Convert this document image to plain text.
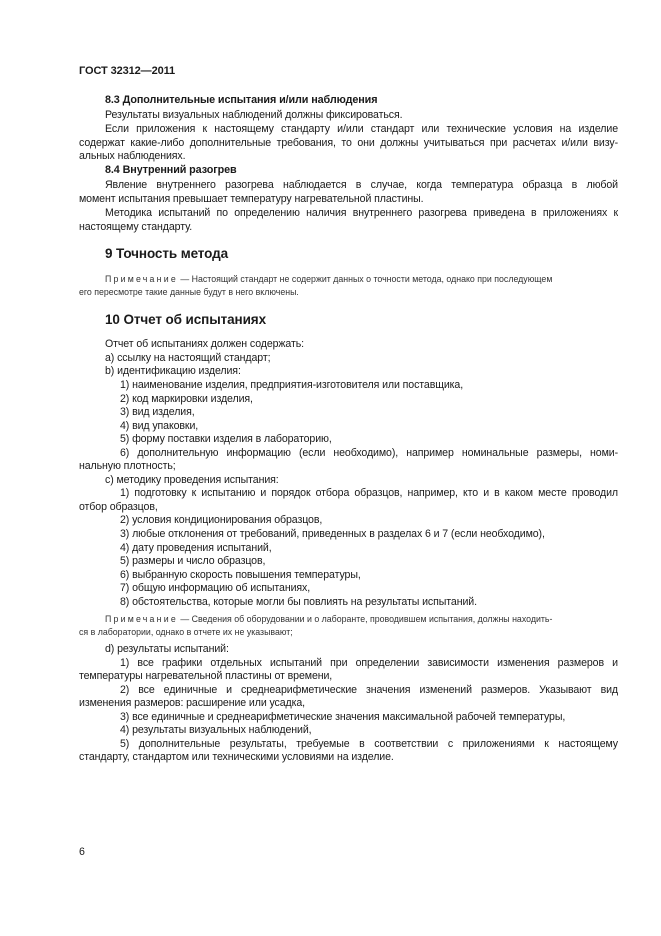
ГОСТ 32312—2011
8.3 Дополнительные испытания и/или наблюдения
Результаты визуальных наблюдений должны фиксироваться.
Если приложения к настоящему стандарту и/или стандарт или технические условия на изделие
содержат какие-либо дополнительные требования, то они должны учитываться при расчетах и/или визу-
альных наблюдениях.
8.4 Внутренний разогрев
Явление внутреннего разогрева наблюдается в случае, когда температура образца в любой
момент испытания превышает температуру нагревательной пластины.
Методика испытаний по определению наличия внутреннего разогрева приведена в приложениях к
настоящему стандарту.
9 Точность метода
Примечание — Настоящий стандарт не содержит данных о точности метода, однако при последующем
его пересмотре такие данные будут в него включены.
10 Отчет об испытаниях
Отчет об испытаниях должен содержать:
a) ссылку на настоящий стандарт;
b) идентификацию изделия:
1) наименование изделия, предприятия-изготовителя или поставщика,
2) код маркировки изделия,
3) вид изделия,
4) вид упаковки,
5) форму поставки изделия в лабораторию,
6) дополнительную информацию (если необходимо), например номинальные размеры, номи-
нальную плотность;
c) методику проведения испытания:
1) подготовку к испытанию и порядок отбора образцов, например, кто и в каком месте проводил
отбор образцов,
2) условия кондиционирования образцов,
3) любые отклонения от требований, приведенных в разделах 6 и 7 (если необходимо),
4) дату проведения испытаний,
5) размеры и число образцов,
6) выбранную скорость повышения температуры,
7) общую информацию об испытаниях,
8) обстоятельства, которые могли бы повлиять на результаты испытаний.
Примечание — Сведения об оборудовании и о лаборанте, проводившем испытания, должны находить-
ся в лаборатории, однако в отчете их не указывают;
d) результаты испытаний:
1) все графики отдельных испытаний при определении зависимости изменения размеров и
температуры нагревательной пластины от времени,
2) все единичные и среднеарифметические значения изменений размеров. Указывают вид
изменения размеров: расширение или усадка,
3) все единичные и среднеарифметические значения максимальной рабочей температуры,
4) результаты визуальных наблюдений,
5) дополнительные результаты, требуемые в соответствии с приложениями к настоящему
стандарту, стандартом или техническими условиями на изделие.
6
